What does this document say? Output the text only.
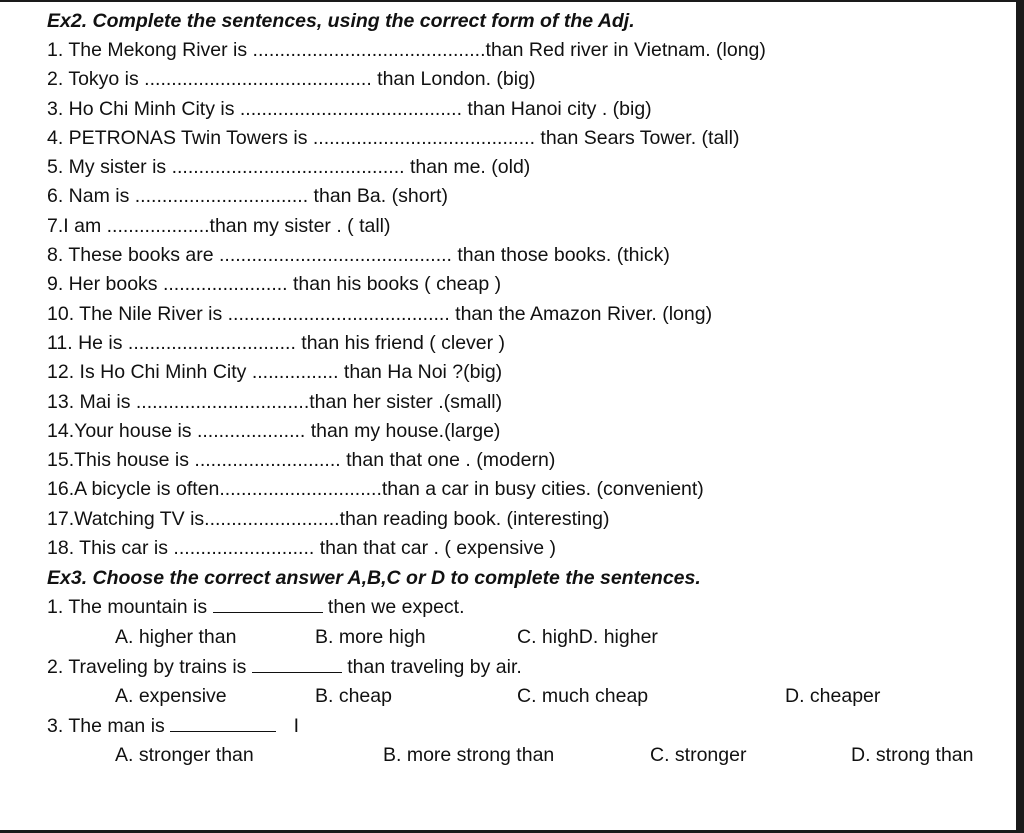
Ex2. Complete the sentences, using the correct form of the Adj.
1. The Mekong River is ...........................................than Red river in Vietnam. (long)
2. Tokyo is .......................................... than London. (big)
3. Ho Chi Minh City is ......................................... than Hanoi city . (big)
4. PETRONAS Twin Towers is ......................................... than Sears Tower. (tall)
5. My sister is ........................................... than me. (old)
6. Nam is ................................ than Ba. (short)
7.I am ...................than my sister . ( tall)
8. These books are ........................................... than those books. (thick)
9. Her books ....................... than his books ( cheap )
10. The Nile River is ......................................... than the Amazon River. (long)
11. He is ............................... than his friend ( clever )
12. Is Ho Chi Minh City ................ than Ha Noi ?(big)
13. Mai is ................................than her sister .(small)
14.Your house is .................... than my house.(large)
15.This house is ........................... than that one . (modern)
16.A bicycle is often..............................than a car in busy cities. (convenient)
17.Watching TV is.........................than reading book. (interesting)
18. This car is .......................... than that car . ( expensive )
Ex3. Choose the correct answer A,B,C or D to complete the sentences.
1. The mountain is	then we expect.
A. higher than	B. more high	C. highD. higher
2. Traveling by trains is	than traveling by air.
A. expensive	B. cheap	C. much cheap	D. cheaper
3. The man is	I
A. stronger than	B. more strong than	C. stronger	D. strong than
